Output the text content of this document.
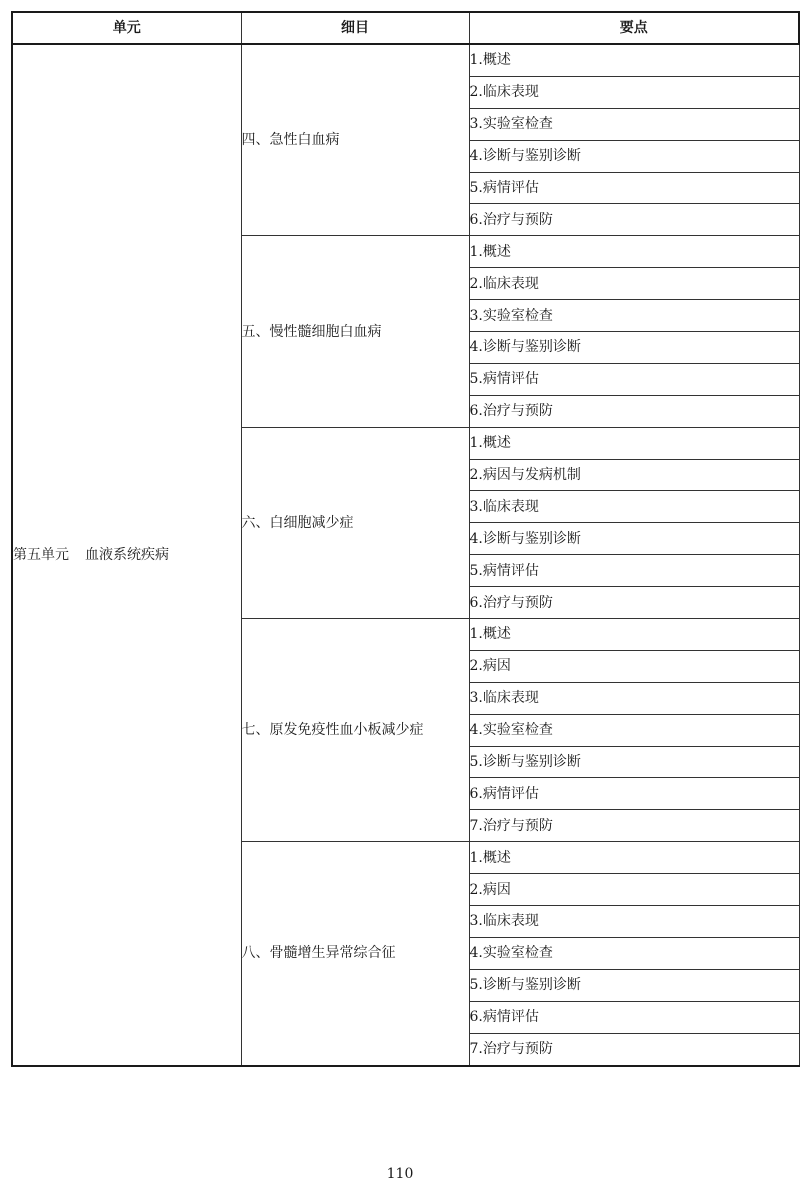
单元	细目	要点
第五单元 血液系统疾病	四、急性白血病	1.概述
		2.临床表现
		3.实验室检查
		4.诊断与鉴别诊断
		5.病情评估
		6.治疗与预防
	五、慢性髓细胞白血病	1.概述
		2.临床表现
		3.实验室检查
		4.诊断与鉴别诊断
		5.病情评估
		6.治疗与预防
	六、白细胞减少症	1.概述
		2.病因与发病机制
		3.临床表现
		4.诊断与鉴别诊断
		5.病情评估
		6.治疗与预防
	七、原发免疫性血小板减少症	1.概述
		2.病因
		3.临床表现
		4.实验室检查
		5.诊断与鉴别诊断
		6.病情评估
		7.治疗与预防
	八、骨髓增生异常综合征	1.概述
		2.病因
		3.临床表现
		4.实验室检查
		5.诊断与鉴别诊断
		6.病情评估
		7.治疗与预防
110
